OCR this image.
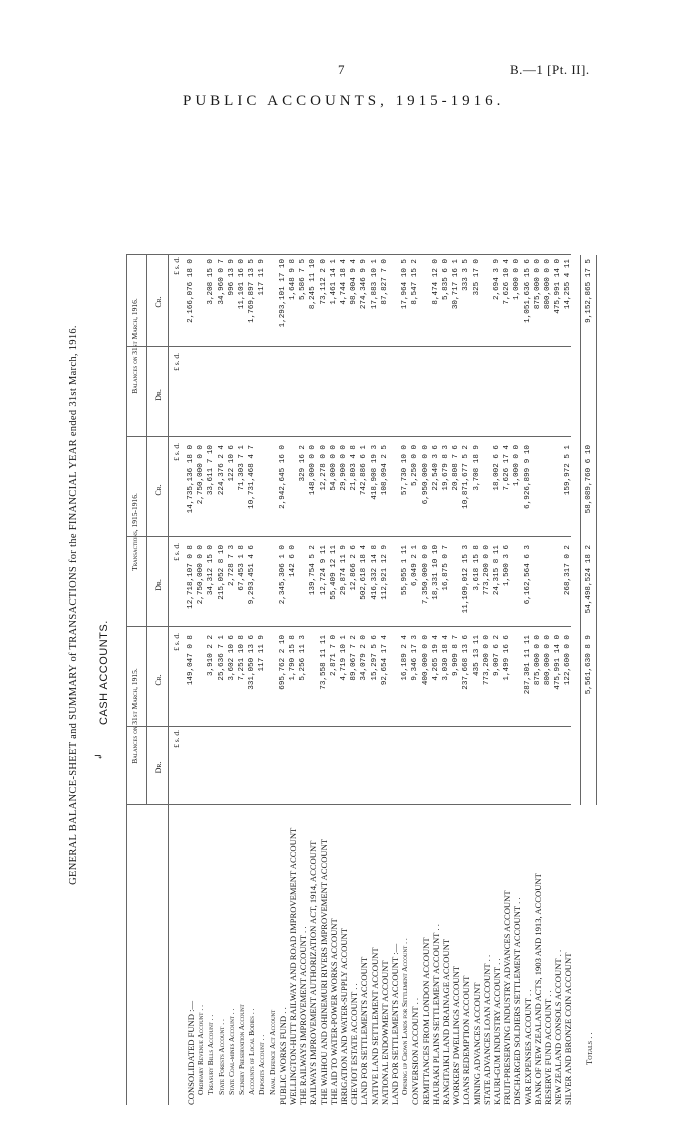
7	B.—1 [Pt. II].
PUBLIC ACCOUNTS, 1915-1916.
GENERAL BALANCE-SHEET and SUMMARY of TRANSACTIONS for the FINANCIAL YEAR ended 31st March, 1916. ↲
CASH ACCOUNTS.	Balances on 31st March, 1915.
Transactions, 1915-1916.
Balances on 31st March, 1916.
Dr.
£ s. d.
Cr.
£ s. d.
Dr.
£ s. d.
Cr.
£ s. d.
Dr.
£ s. d.
Cr.
£ s. d.
CONSOLIDATED FUND :—
149,047 0 8
12,718,107 0 8
14,735,136 18 0
2,166,076 18 0
Ordinary Revenue Account . .
2,750,000 0 0
2,750,000 0 0
Treasury Bills Account . .
3,910 2 2
34,312 15 0
33,611 7 10
3,208 15 0
State Forests Account . .
25,636 7 1
215,052 8 10
224,376 2 4
34,960 0 7
State Coal-mines Account . .
3,602 10 6
2,728 7 3
122 10 6
996 13 9
Scenery Preservation Account
7,251 10 8
67,453 1 8
71,303 7 1
11,101 16 0
Accounts of Local Bodies . .
331,050 13 6
9,293,451 4 6
10,731,468 4 7
1,769,897 13 5
Deposits Account . .
117 11 9
117 11 9
Naval Defence Act Account PUBLIC WORKS FUND . .
695,762 2 10
2,345,306 1 0
2,942,645 16 0
1,293,101 17 10
WELLINGTON-HUTT RAILWAY AND ROAD IMPROVEMENT ACCOUNT
1,790 15 8
142 6 0
1,648 9 8
THE RAILWAYS IMPROVEMENT ACCOUNT . .
5,256 11 3
329 16 2
5,586 7 5
RAILWAYS IMPROVEMENT AUTHORIZATION ACT, 1914, ACCOUNT
139,754 5 2
148,000 0 0
8,245 11 10
THE WAIHOU AND OHINEMURI RIVERS IMPROVEMENT ACCOUNT
73,558 11 11
12,724 9 11
12,278 0 0
73,112 2 0
THE AID TO WATER-POWER WORKS ACCOUNT
2,871 7 0
55,409 12 11
54,000 0 0
1,461 14 1
IRRIGATION AND WATER-SUPPLY ACCOUNT
4,719 10 1
29,874 11 9
29,900 0 0
4,744 18 4
CHEVIOT ESTATE ACCOUNT . .
89,067 7 2
12,866 2 6
21,803 4 8
98,004 9 4
LAND FOR SETTLEMENTS ACCOUNT
34,079 2 0
502,618 18 4
742,886 6 1
274,346 9 9
NATIVE LAND SETTLEMENT ACCOUNT
15,297 5 6
416,332 14 8
418,908 19 3
17,883 10 1
NATIONAL ENDOWMENT ACCOUNT
92,654 17 4
112,921 12 9
108,094 2 5
87,827 7 0
LAND FOR SETTLEMENTS ACCOUNT :— Opening up Crown Lands for Settlement Account . .
16,189 2 4
55,955 1 11
57,730 10 0
17,964 10 5
CONVERSION ACCOUNT . .
9,346 17 3
6,049 2 1
5,250 0 0
8,547 15 2
REMITTANCES FROM LONDON ACCOUNT
400,000 0 0
7,350,000 0 0
6,950,000 0 0
HAURAKI PLAINS SETTLEMENT ACCOUNT . .
4,265 19 4
18,331 10 10
22,540 3 6
8,474 12 0
RANGITAIKI LAND DRAINAGE ACCOUNT
3,030 18 4
16,875 0 7
19,679 8 3
5,835 6 0
WORKERS' DWELLINGS ACCOUNT
9,909 8 7
20,808 7 6
30,717 16 1
LOANS REDEMPTION ACCOUNT
237,668 13 6
11,109,012 15 3
10,871,677 5 2
333 3 5
MINING ADVANCES ACCOUNT
435 13 11
3,618 15 8
3,708 18 9
325 17 0
STATE ADVANCES LOAN ACCOUNT . .
773,200 0 0
773,200 0 0
KAURI-GUM INDUSTRY ACCOUNT . .
9,007 6 2
24,315 8 11
18,002 6 6
2,694 3 9
FRUIT-PRESERVING INDUSTRY ADVANCES ACCOUNT
1,499 16 6
1,500 3 6
7,626 17 4
7,626 10 4
DISCHARGED SOLDIERS SETTLEMENT ACCOUNT . .
1,000 0 0
1,000 0 0
WAR EXPENSES ACCOUNT . .
287,301 11 11
6,162,564 6 3
6,926,899 9 10
1,051,636 15 6
BANK OF NEW ZEALAND ACTS, 1903 AND 1913, ACCOUNT
875,000 0 0
875,000 0 0
RESERVE FUND ACCOUNT . .
800,000 0 0
800,000 0 0
NEW ZEALAND CONSOLS ACCOUNT . .
475,991 14 0
475,991 14 0
SILVER AND BRONZE COIN ACCOUNT
122,600 0 0
268,317 0 2
159,972 5 1
14,255 4 11
Totals . .
5,561,630 8 9
54,498,524 18 2
58,089,760 6 10
9,152,865 17 5
